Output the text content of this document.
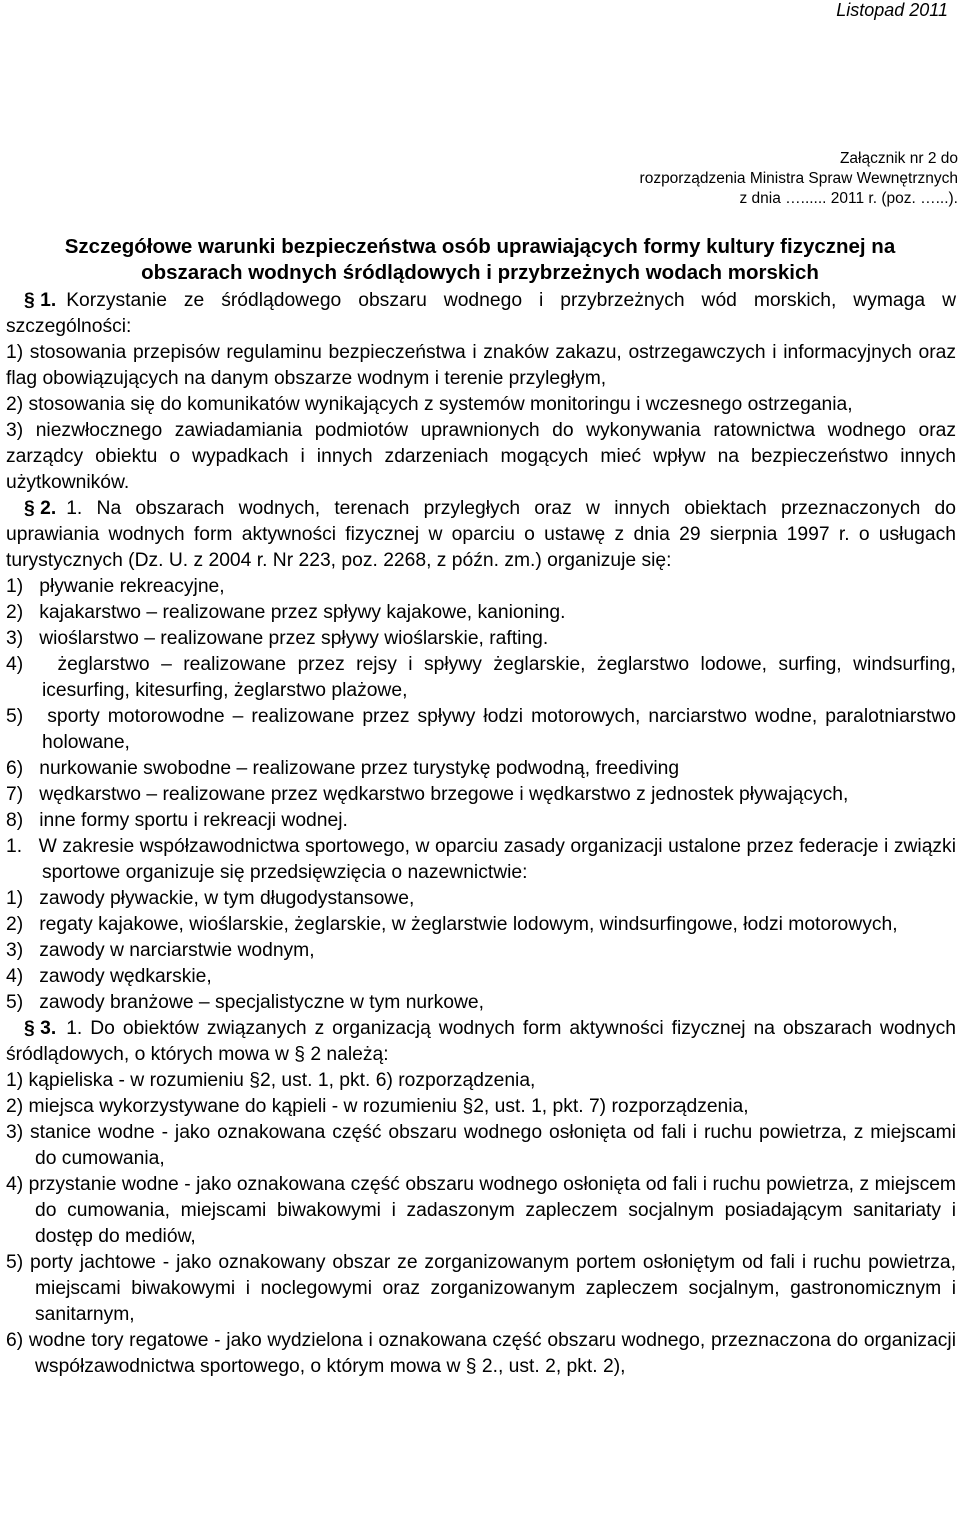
Listopad 2011
Załącznik nr 2 do
rozporządzenia Ministra Spraw Wewnętrznych
z dnia …...... 2011 r. (poz. …...).
Szczegółowe warunki bezpieczeństwa osób uprawiających formy kultury fizycznej na
obszarach wodnych śródlądowych i przybrzeżnych wodach morskich

§ 1. Korzystanie ze śródlądowego obszaru wodnego i przybrzeżnych wód morskich, wymaga w szczególności:

1) stosowania przepisów regulaminu bezpieczeństwa i znaków zakazu, ostrzegawczych i informacyjnych oraz flag obowiązujących na danym obszarze wodnym i terenie przyległym,

2) stosowania się do komunikatów wynikających z systemów monitoringu i wczesnego ostrzegania,

3) niezwłocznego zawiadamiania podmiotów uprawnionych do wykonywania ratownictwa wodnego oraz zarządcy obiektu o wypadkach i innych zdarzeniach mogących mieć wpływ na bezpieczeństwo innych użytkowników.

§ 2. 1. Na obszarach wodnych, terenach przyległych oraz w innych obiektach przeznaczonych do uprawiania wodnych form aktywności fizycznej w oparciu o ustawę z dnia 29 sierpnia 1997 r. o usługach turystycznych (Dz. U. z 2004 r. Nr 223, poz. 2268, z późn. zm.) organizuje się:

1)   pływanie rekreacyjne,

2)   kajakarstwo – realizowane przez spływy kajakowe, kanioning.

3)   wioślarstwo – realizowane przez spływy wioślarskie, rafting.

4)   żeglarstwo – realizowane przez rejsy i spływy żeglarskie, żeglarstwo lodowe, surfing, windsurfing, icesurfing, kitesurfing, żeglarstwo plażowe,

5)   sporty motorowodne – realizowane przez spływy łodzi motorowych, narciarstwo wodne, paralotniarstwo holowane,

6)   nurkowanie swobodne – realizowane przez turystykę podwodną, freediving

7)   wędkarstwo – realizowane przez wędkarstwo brzegowe i wędkarstwo z jednostek pływających,

8)   inne formy sportu i rekreacji wodnej.

1.   W zakresie współzawodnictwa sportowego, w oparciu zasady organizacji ustalone przez federacje i związki sportowe organizuje się przedsięwzięcia o nazewnictwie:

1)   zawody pływackie, w tym długodystansowe,

2)   regaty kajakowe, wioślarskie, żeglarskie, w żeglarstwie lodowym, windsurfingowe, łodzi motorowych,

3)   zawody w narciarstwie wodnym,

4)   zawody wędkarskie,

5)   zawody branżowe – specjalistyczne w tym nurkowe,

§ 3. 1. Do obiektów związanych z organizacją wodnych form aktywności fizycznej na obszarach wodnych śródlądowych, o których mowa w § 2 należą:

1) kąpieliska - w rozumieniu §2, ust. 1, pkt. 6) rozporządzenia,

2) miejsca wykorzystywane do kąpieli - w rozumieniu §2, ust. 1, pkt. 7) rozporządzenia,

3) stanice wodne - jako oznakowana część obszaru wodnego osłonięta od fali i ruchu powietrza, z miejscami do cumowania,

4) przystanie wodne - jako oznakowana część obszaru wodnego osłonięta od fali i ruchu powietrza, z miejscem do cumowania, miejscami biwakowymi i zadaszonym zapleczem socjalnym posiadającym sanitariaty i dostęp do mediów,

5) porty jachtowe - jako oznakowany obszar ze zorganizowanym portem osłoniętym od fali i ruchu powietrza, miejscami biwakowymi i noclegowymi oraz zorganizowanym zapleczem socjalnym, gastronomicznym i sanitarnym,

6) wodne tory regatowe - jako wydzielona i oznakowana część obszaru wodnego, przeznaczona do organizacji współzawodnictwa sportowego, o którym mowa w § 2., ust. 2, pkt. 2),
